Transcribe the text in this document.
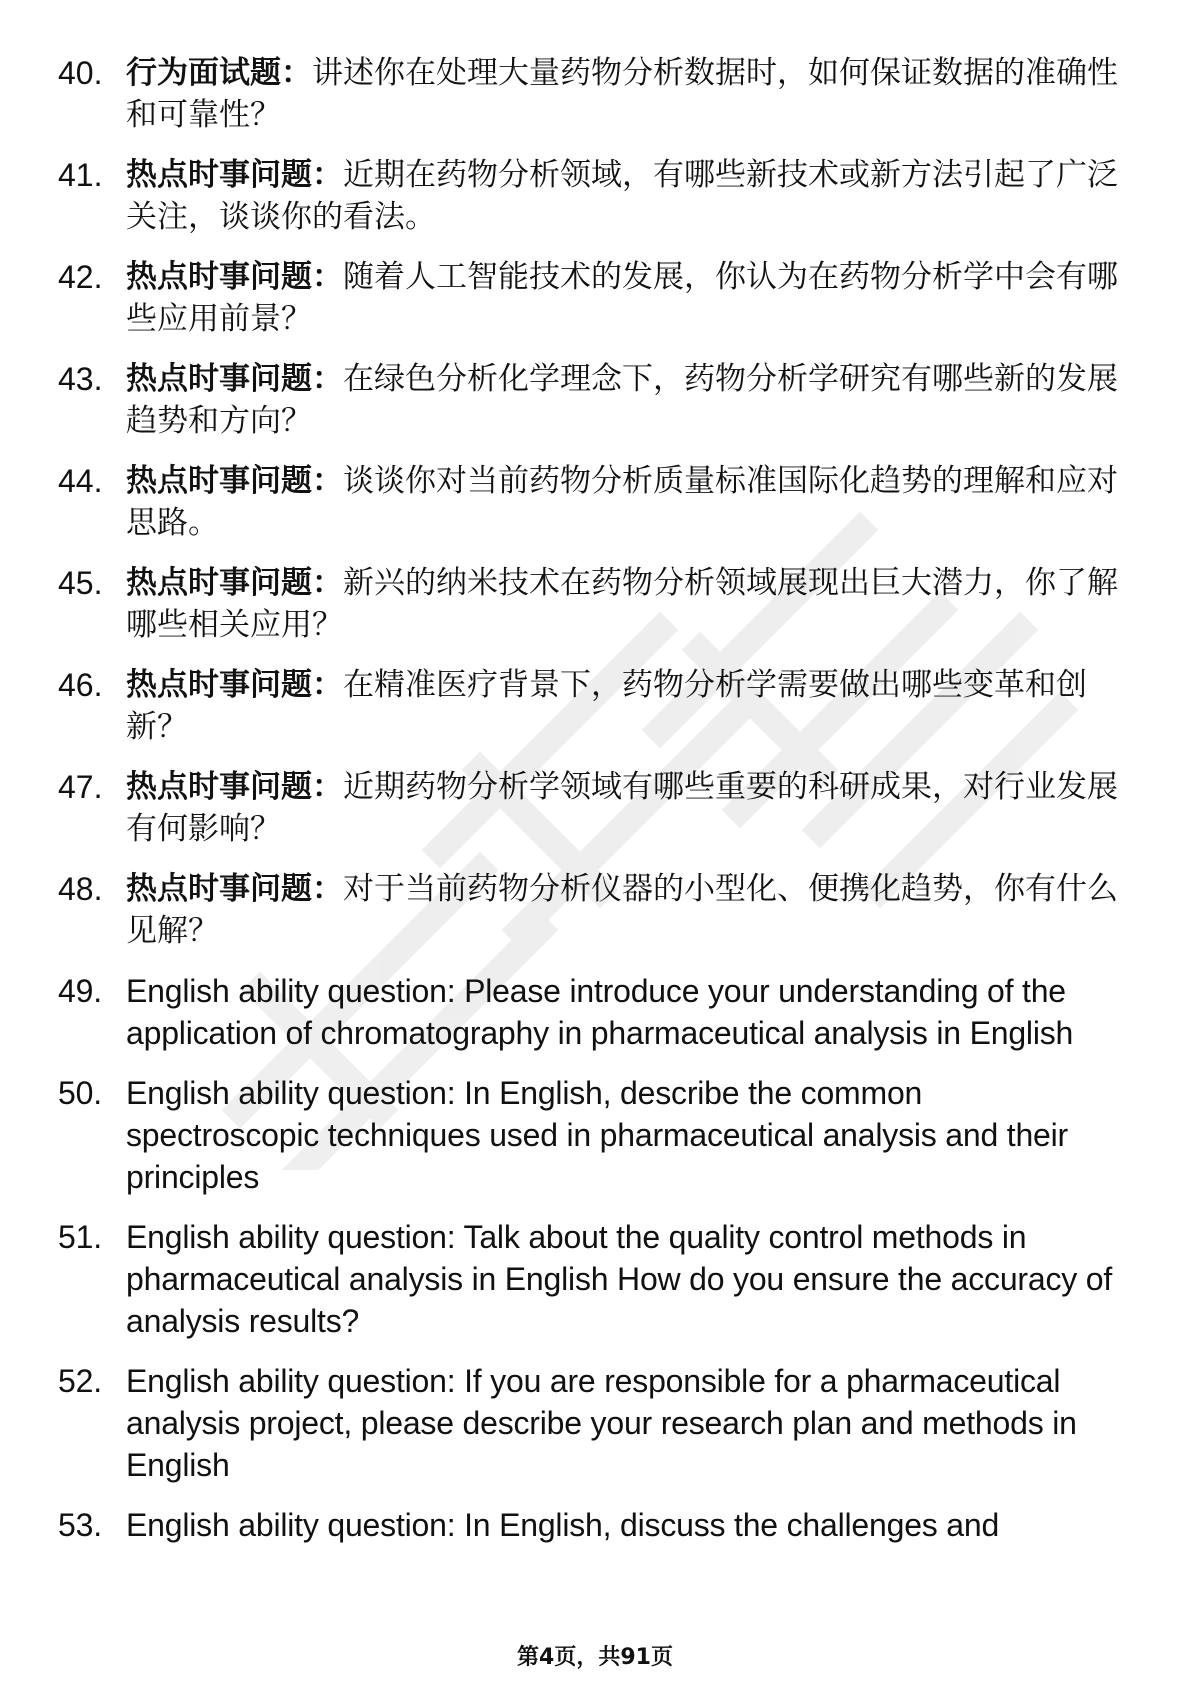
40. 行为面试题：讲述你在处理大量药物分析数据时，如何保证数据的准确性和可靠性？
41. 热点时事问题：近期在药物分析领域，有哪些新技术或新方法引起了广泛关注，谈谈你的看法。
42. 热点时事问题：随着人工智能技术的发展，你认为在药物分析学中会有哪些应用前景？
43. 热点时事问题：在绿色分析化学理念下，药物分析学研究有哪些新的发展趋势和方向？
44. 热点时事问题：谈谈你对当前药物分析质量标准国际化趋势的理解和应对思路。
45. 热点时事问题：新兴的纳米技术在药物分析领域展现出巨大潜力，你了解哪些相关应用？
46. 热点时事问题：在精准医疗背景下，药物分析学需要做出哪些变革和创新？
47. 热点时事问题：近期药物分析学领域有哪些重要的科研成果，对行业发展有何影响？
48. 热点时事问题：对于当前药物分析仪器的小型化、便携化趋势，你有什么见解？
49. English ability question: Please introduce your understanding of the application of chromatography in pharmaceutical analysis in English
50. English ability question: In English, describe the common spectroscopic techniques used in pharmaceutical analysis and their principles
51. English ability question: Talk about the quality control methods in pharmaceutical analysis in English How do you ensure the accuracy of analysis results?
52. English ability question: If you are responsible for a pharmaceutical analysis project, please describe your research plan and methods in English
53. English ability question: In English, discuss the challenges and
第4页，共91页
